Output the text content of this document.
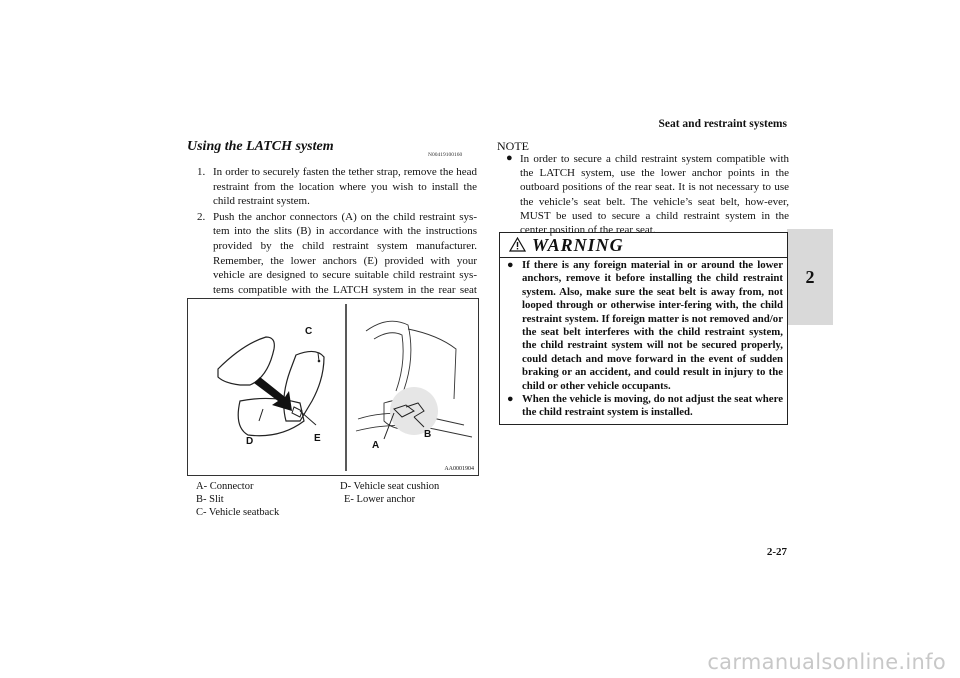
Seat and restraint systems
2
Using the LATCH system
N00419100160
1. In order to securely fasten the tether strap, remove the head restraint from the location where you wish to install the child restraint system.
2. Push the anchor connectors (A) on the child restraint sys-tem into the slits (B) in accordance with the instructions provided by the child restraint system manufacturer. Remember, the lower anchors (E) provided with your vehicle are designed to secure suitable child restraint sys-tems compatible with the LATCH system in the rear seat
C
D	E
A
B
AA0001904
A- Connector	D- Vehicle seat cushion
B- Slit	E- Lower anchor
C- Vehicle seatback
NOTE
● In order to secure a child restraint system compatible with the LATCH system, use the lower anchor points in the outboard positions of the rear seat. It is not necessary to use the vehicle’s seat belt. The vehicle’s seat belt, how-ever, MUST be used to secure a child restraint system in the center position of the rear seat.
WARNING
● If there is any foreign material in or around the lower anchors, remove it before installing the child restraint system. Also, make sure the seat belt is away from, not looped through or otherwise inter-fering with, the child restraint system. If foreign matter is not removed and/or the seat belt interferes with the child restraint system, the child restraint system will not be secured properly, could detach and move forward in the event of sudden braking or an accident, and could result in injury to the child or other vehicle occupants.
● When the vehicle is moving, do not adjust the seat where the child restraint system is installed.
2-27
carmanualsonline.info
